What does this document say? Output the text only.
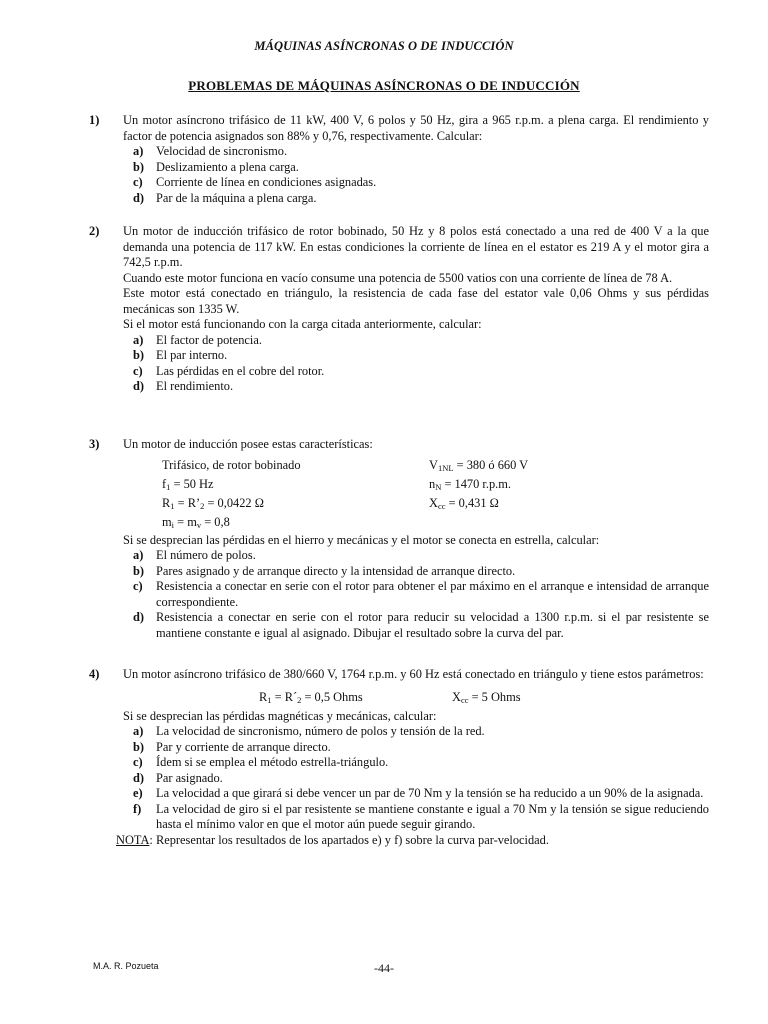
MÁQUINAS ASÍNCRONAS O DE INDUCCIÓN
PROBLEMAS DE MÁQUINAS ASÍNCRONAS O DE INDUCCIÓN
1) Un motor asíncrono trifásico de 11 kW, 400 V, 6 polos y 50 Hz, gira a 965 r.p.m. a plena carga. El rendimiento y factor de potencia asignados son 88% y 0,76, respectivamente. Calcular:

a) Velocidad de sincronismo.
b) Deslizamiento a plena carga.
c) Corriente de línea en condiciones asignadas.
d) Par de la máquina a plena carga.
2) Un motor de inducción trifásico de rotor bobinado, 50 Hz y 8 polos está conectado a una red de 400 V a la que demanda una potencia de 117 kW. En estas condiciones la corriente de línea en el estator es 219 A y el motor gira a 742,5 r.p.m.

Cuando este motor funciona en vacío consume una potencia de 5500 vatios con una corriente de línea de 78 A.

Este motor está conectado en triángulo, la resistencia de cada fase del estator vale 0,06 Ohms y sus pérdidas mecánicas son 1335 W.

Si el motor está funcionando con la carga citada anteriormente, calcular:

a) El factor de potencia.
b) El par interno.
c) Las pérdidas en el cobre del rotor.
d) El rendimiento.
3) Un motor de inducción posee estas características:

Trifásico, de rotor bobinado
$f_1 = 50$ Hz
$R_1$ = $R’_2 = 0,0422$ Ω
$m_i = m_v = 0,8$
$V_{1NL} = 380$ ó 660 V
$n_N = 1470$ r.p.m.
$X_{cc} = 0,431$ Ω

Si se desprecian las pérdidas en el hierro y mecánicas y el motor se conecta en estrella, calcular:

a) El número de polos.
b) Pares asignado y de arranque directo y la intensidad de arranque directo.
c) Resistencia a conectar en serie con el rotor para obtener el par máximo en el arranque e intensidad de arranque correspondiente.
d) Resistencia a conectar en serie con el rotor para reducir su velocidad a 1300 r.p.m. si el par resistente se mantiene constante e igual al asignado. Dibujar el resultado sobre la curva del par.
4) Un motor asíncrono trifásico de 380/660 V, 1764 r.p.m. y 60 Hz está conectado en triángulo y tiene estos parámetros:

$R_1$ = $R´_2 = 0,5$ Ohms	$X_{cc} = 5$ Ohms

Si se desprecian las pérdidas magnéticas y mecánicas, calcular:

a) La velocidad de sincronismo, número de polos y tensión de la red.
b) Par y corriente de arranque directo.
c) Ídem si se emplea el método estrella-triángulo.
d) Par asignado.
e) La velocidad a que girará si debe vencer un par de 70 Nm y la tensión se ha reducido a un 90% de la asignada.
f) La velocidad de giro si el par resistente se mantiene constante e igual a 70 Nm y la tensión se sigue reduciendo hasta el mínimo valor en que el motor aún puede seguir girando.
NOTA: Representar los resultados de los apartados e) y f) sobre la curva par-velocidad.
M.A. R. Pozueta	-44-
